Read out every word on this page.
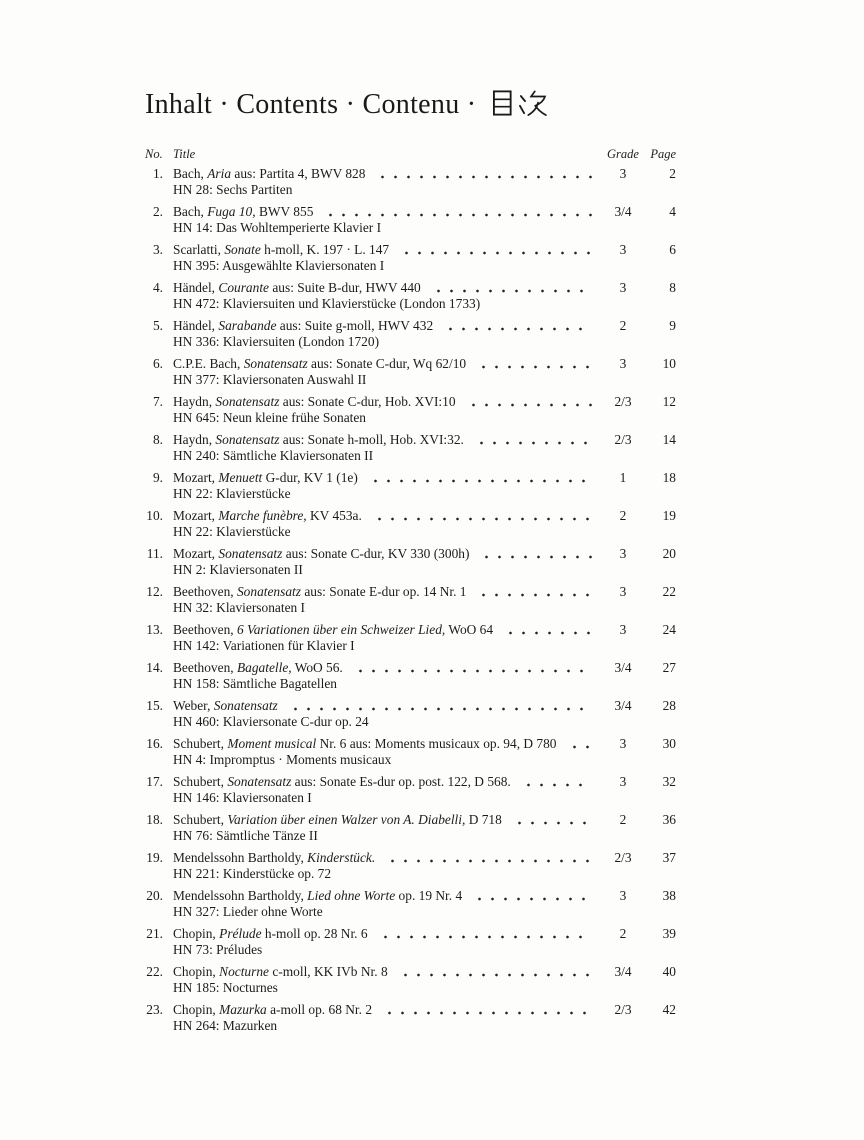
Inhalt · Contents · Contenu ·
No. Title	Grade Page
1. Bach, Aria aus: Partita 4, BWV 828	3	2
HN 28: Sechs Partiten
2. Bach, Fuga 10, BWV 855	3/4	4
HN 14: Das Wohltemperierte Klavier I
3. Scarlatti, Sonate h-moll, K. 197 · L. 147	3	6
HN 395: Ausgewählte Klaviersonaten I
4. Händel, Courante aus: Suite B-dur, HWV 440	3	8
HN 472: Klaviersuiten und Klavierstücke (London 1733)
5. Händel, Sarabande aus: Suite g-moll, HWV 432	2	9
HN 336: Klaviersuiten (London 1720)
6. C.P.E. Bach, Sonatensatz aus: Sonate C-dur, Wq 62/10	3	10
HN 377: Klaviersonaten Auswahl II
7. Haydn, Sonatensatz aus: Sonate C-dur, Hob. XVI:10	2/3	12
HN 645: Neun kleine frühe Sonaten
8. Haydn, Sonatensatz aus: Sonate h-moll, Hob. XVI:32.	2/3	14
HN 240: Sämtliche Klaviersonaten II
9. Mozart, Menuett G-dur, KV 1 (1e)	1	18
HN 22: Klavierstücke
10. Mozart, Marche funèbre, KV 453a.	2	19
HN 22: Klavierstücke
11. Mozart, Sonatensatz aus: Sonate C-dur, KV 330 (300h)	3	20
HN 2: Klaviersonaten II
12. Beethoven, Sonatensatz aus: Sonate E-dur op. 14 Nr. 1	3	22
HN 32: Klaviersonaten I
13. Beethoven, 6 Variationen über ein Schweizer Lied, WoO 64	3	24
HN 142: Variationen für Klavier I
14. Beethoven, Bagatelle, WoO 56.	3/4	27
HN 158: Sämtliche Bagatellen
15. Weber, Sonatensatz	3/4	28
HN 460: Klaviersonate C-dur op. 24
16. Schubert, Moment musical Nr. 6 aus: Moments musicaux op. 94, D 780	3	30
HN 4: Impromptus · Moments musicaux
17. Schubert, Sonatensatz aus: Sonate Es-dur op. post. 122, D 568.	3	32
HN 146: Klaviersonaten I
18. Schubert, Variation über einen Walzer von A. Diabelli, D 718	2	36
HN 76: Sämtliche Tänze II
19. Mendelssohn Bartholdy, Kinderstück.	2/3	37
HN 221: Kinderstücke op. 72
20. Mendelssohn Bartholdy, Lied ohne Worte op. 19 Nr. 4	3	38
HN 327: Lieder ohne Worte
21. Chopin, Prélude h-moll op. 28 Nr. 6	2	39
HN 73: Préludes
22. Chopin, Nocturne c-moll, KK IVb Nr. 8	3/4	40
HN 185: Nocturnes
23. Chopin, Mazurka a-moll op. 68 Nr. 2	2/3	42
HN 264: Mazurken
